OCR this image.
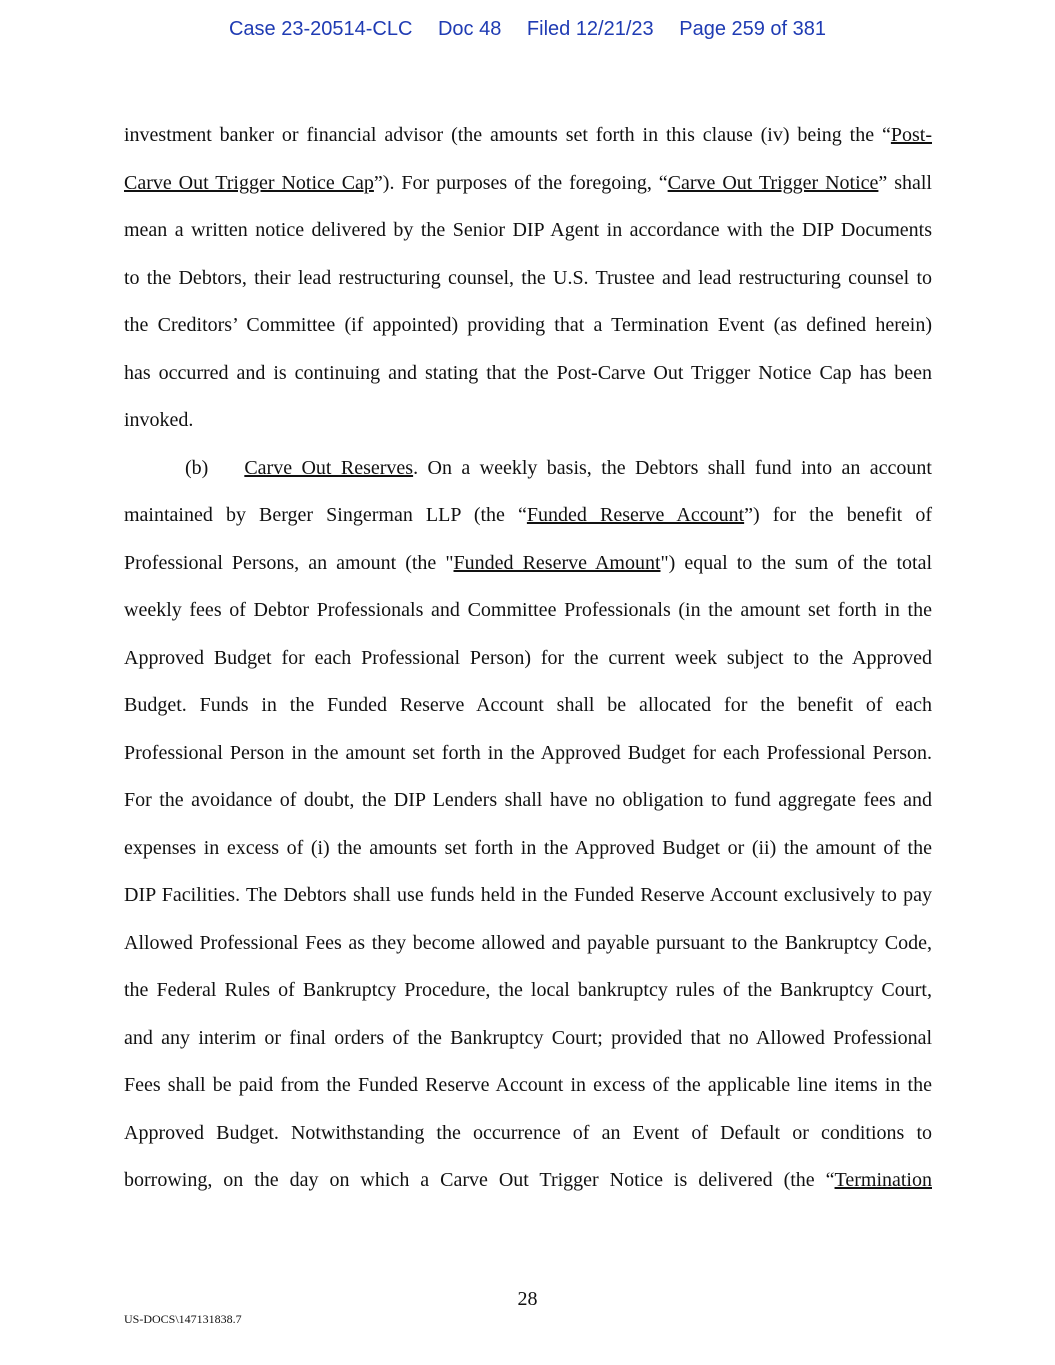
Case 23-20514-CLC Doc 48 Filed 12/21/23 Page 259 of 381
investment banker or financial advisor (the amounts set forth in this clause (iv) being the “Post-
Carve Out Trigger Notice Cap”). For purposes of the foregoing, “Carve Out Trigger Notice” shall
mean a written notice delivered by the Senior DIP Agent in accordance with the DIP Documents
to the Debtors, their lead restructuring counsel, the U.S. Trustee and lead restructuring counsel to
the Creditors’ Committee (if appointed) providing that a Termination Event (as defined herein)
has occurred and is continuing and stating that the Post-Carve Out Trigger Notice Cap has been
invoked.
(b) Carve Out Reserves. On a weekly basis, the Debtors shall fund into an account
maintained by Berger Singerman LLP (the “Funded Reserve Account”) for the benefit of
Professional Persons, an amount (the "Funded Reserve Amount") equal to the sum of the total
weekly fees of Debtor Professionals and Committee Professionals (in the amount set forth in the
Approved Budget for each Professional Person) for the current week subject to the Approved
Budget. Funds in the Funded Reserve Account shall be allocated for the benefit of each
Professional Person in the amount set forth in the Approved Budget for each Professional Person.
For the avoidance of doubt, the DIP Lenders shall have no obligation to fund aggregate fees and
expenses in excess of (i) the amounts set forth in the Approved Budget or (ii) the amount of the
DIP Facilities. The Debtors shall use funds held in the Funded Reserve Account exclusively to pay
Allowed Professional Fees as they become allowed and payable pursuant to the Bankruptcy Code,
the Federal Rules of Bankruptcy Procedure, the local bankruptcy rules of the Bankruptcy Court,
and any interim or final orders of the Bankruptcy Court; provided that no Allowed Professional
Fees shall be paid from the Funded Reserve Account in excess of the applicable line items in the
Approved Budget. Notwithstanding the occurrence of an Event of Default or conditions to
borrowing, on the day on which a Carve Out Trigger Notice is delivered (the “Termination
28
US-DOCS\147131838.7
